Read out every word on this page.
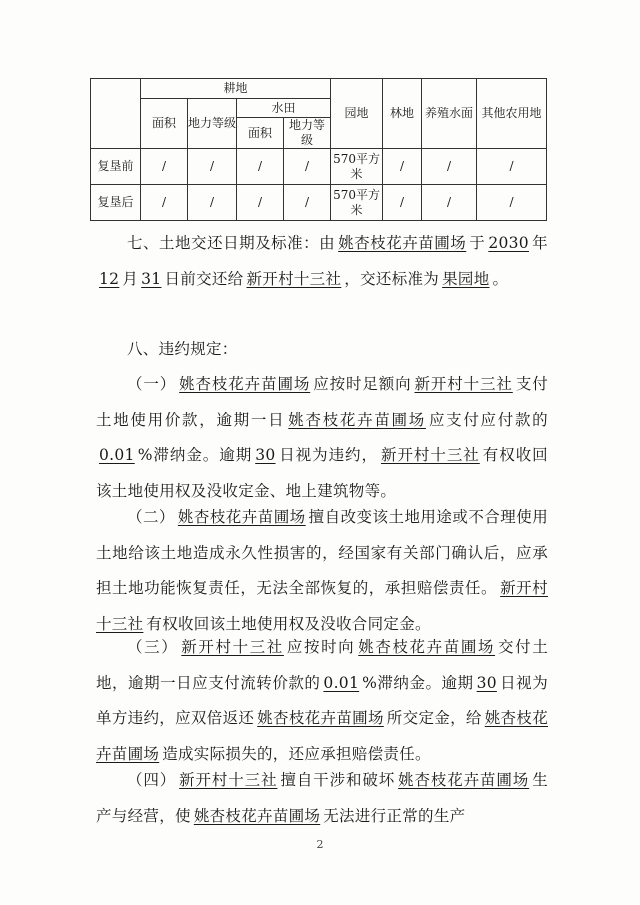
	耕地				园地	林地	养殖水面	其他农用地
	面积	地力等级	水田					
			面积	地力等级				
复垦前	/	/	/	/	570平方米	/	/	/
复垦后	/	/	/	/	570平方米	/	/	/
七、土地交还日期及标准：由 姚杏枝花卉苗圃场 于 2030 年12 月 31 日前交还给 新开村十三社 ，交还标准为 果园地 。
八、违约规定：
（一） 姚杏枝花卉苗圃场 应按时足额向 新开村十三社 支付土地使用价款，逾期一日 姚杏枝花卉苗圃场 应支付应付款的0.01 %滞纳金。逾期 30 日视为违约， 新开村十三社 有权收回该土地使用权及没收定金、地上建筑物等。
（二） 姚杏枝花卉苗圃场 擅自改变该土地用途或不合理使用土地给该土地造成永久性损害的，经国家有关部门确认后，应承担土地功能恢复责任，无法全部恢复的，承担赔偿责任。 新开村十三社 有权收回该土地使用权及没收合同定金。
（三） 新开村十三社 应按时向 姚杏枝花卉苗圃场 交付土地，逾期一日应支付流转价款的 0.01 %滞纳金。逾期 30 日视为单方违约，应双倍返还 姚杏枝花卉苗圃场 所交定金，给 姚杏枝花卉苗圃场 造成实际损失的，还应承担赔偿责任。
（四） 新开村十三社 擅自干涉和破坏 姚杏枝花卉苗圃场 生产与经营，使 姚杏枝花卉苗圃场 无法进行正常的生产
2
